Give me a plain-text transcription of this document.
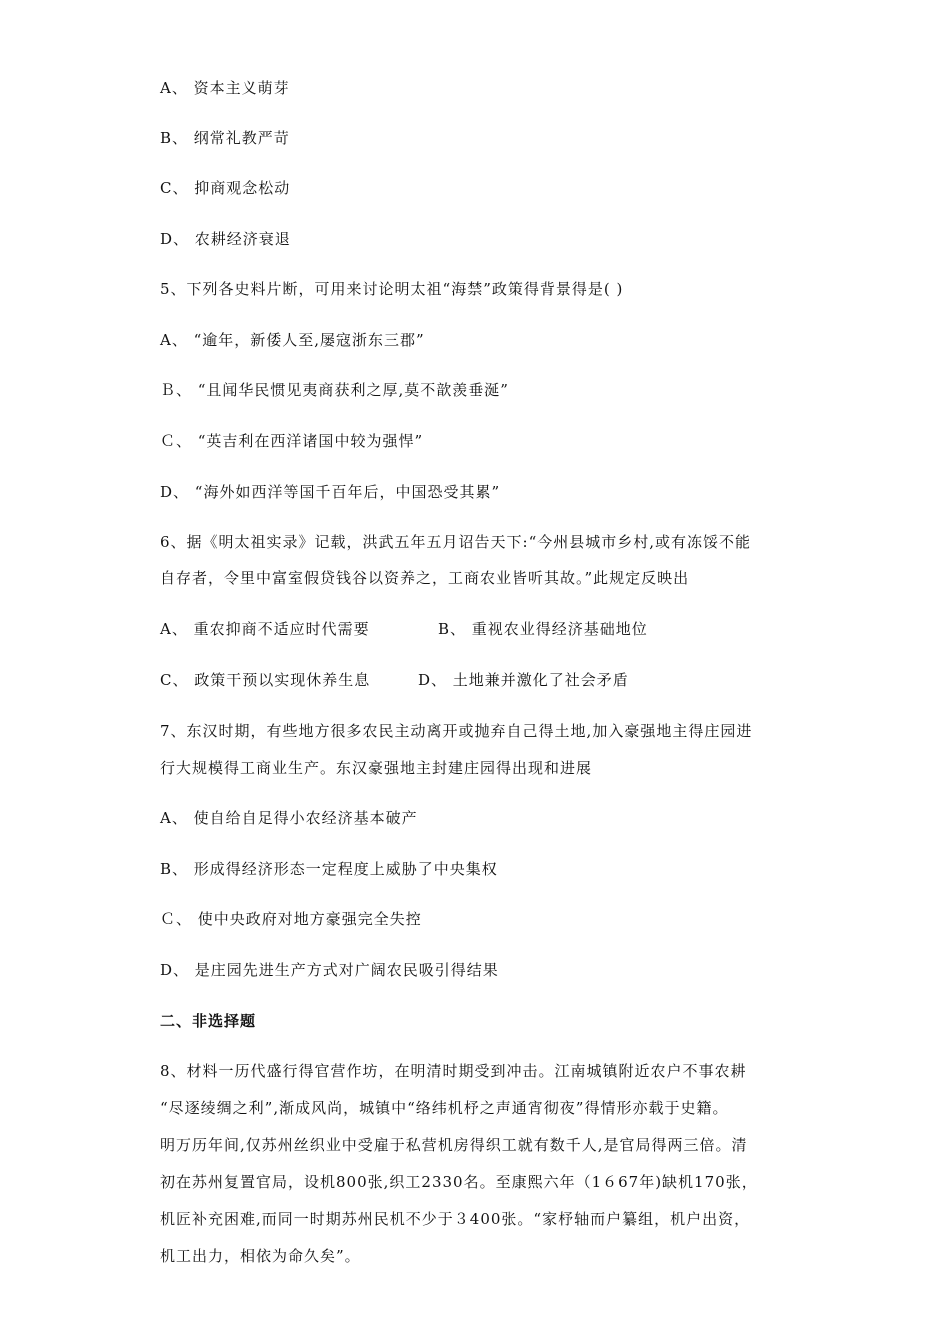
A、 资本主义萌芽
B、 纲常礼教严苛
C、 抑商观念松动
D、 农耕经济衰退
5、下列各史料片断，可用来讨论明太祖“海禁”政策得背景得是( )
A、 “逾年，新倭人至,屡寇浙东三郡”
Ｂ、 “且闻华民惯见夷商获利之厚,莫不歆羡垂涎”
Ｃ、 “英吉利在西洋诸国中较为强悍”
D、 “海外如西洋等国千百年后，中国恐受其累”
6、据《明太祖实录》记载，洪武五年五月诏告天下:“今州县城市乡村,或有冻馁不能
自存者，令里中富室假贷钱谷以资养之，工商农业皆听其故。”此规定反映出
A、 重农抑商不适应时代需要	B、 重视农业得经济基础地位
C、 政策干预以实现休养生息	D、 土地兼并激化了社会矛盾
7、东汉时期，有些地方很多农民主动离开或抛弃自己得土地,加入豪强地主得庄园进
行大规模得工商业生产。东汉豪强地主封建庄园得出现和进展
A、 使自给自足得小农经济基本破产
B、 形成得经济形态一定程度上威胁了中央集权
Ｃ、 使中央政府对地方豪强完全失控
D、 是庄园先进生产方式对广阔农民吸引得结果
二、非选择题
8、材料一历代盛行得官营作坊，在明清时期受到冲击。江南城镇附近农户不事农耕
“尽逐绫绸之利”,渐成风尚，城镇中“络纬机杼之声通宵彻夜”得情形亦载于史籍。
明万历年间,仅苏州丝织业中受雇于私营机房得织工就有数千人,是官局得两三倍。清
初在苏州复置官局，设机800张,织工2330名。至康熙六年（1６67年)缺机170张，
机匠补充困难,而同一时期苏州民机不少于３400张。“家杼轴而户纂组，机户出资，
机工出力，相依为命久矣”。
